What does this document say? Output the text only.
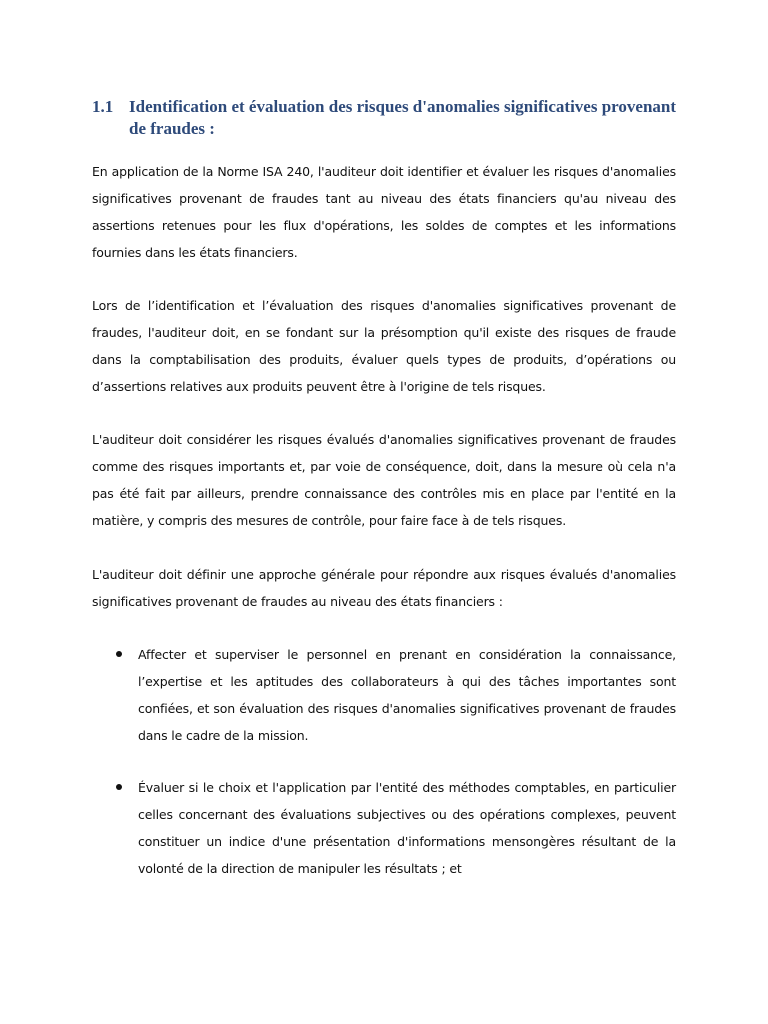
1.1 Identification et évaluation des risques d'anomalies significatives provenant de fraudes :

En application de la Norme ISA 240, l'auditeur doit identifier et évaluer les risques d'anomalies significatives provenant de fraudes tant au niveau des états financiers qu'au niveau des assertions retenues pour les flux d'opérations, les soldes de comptes et les informations fournies dans les états financiers.

Lors de l’identification et l’évaluation des risques d'anomalies significatives provenant de fraudes, l'auditeur doit, en se fondant sur la présomption qu'il existe des risques de fraude dans la comptabilisation des produits, évaluer quels types de produits, d’opérations ou d’assertions relatives aux produits peuvent être à l'origine de tels risques.

L'auditeur doit considérer les risques évalués d'anomalies significatives provenant de fraudes comme des risques importants et, par voie de conséquence, doit, dans la mesure où cela n'a pas été fait par ailleurs, prendre connaissance des contrôles mis en place par l'entité en la matière, y compris des mesures de contrôle, pour faire face à de tels risques.

L'auditeur doit définir une approche générale pour répondre aux risques évalués d'anomalies significatives provenant de fraudes au niveau des états financiers :

Affecter et superviser le personnel en prenant en considération la connaissance, l’expertise et les aptitudes des collaborateurs à qui des tâches importantes sont confiées, et son évaluation des risques d'anomalies significatives provenant de fraudes dans le cadre de la mission.

Évaluer si le choix et l'application par l'entité des méthodes comptables, en particulier celles concernant des évaluations subjectives ou des opérations complexes, peuvent constituer un indice d'une présentation d'informations mensongères résultant de la volonté de la direction de manipuler les résultats ; et
